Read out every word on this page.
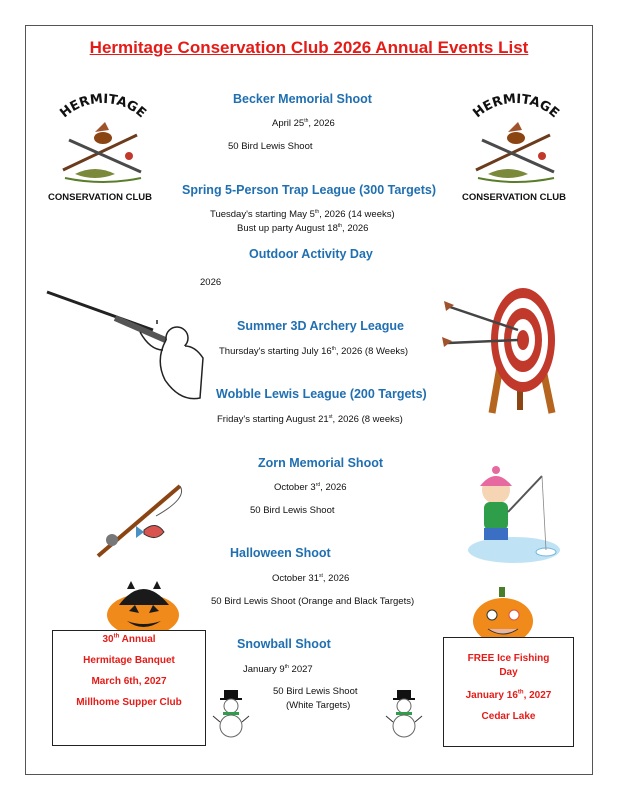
Hermitage Conservation Club 2026 Annual Events List
HERMITAGE
CONSERVATION CLUB
HERMITAGE
CONSERVATION CLUB
Becker Memorial Shoot
April 25th, 2026
50 Bird Lewis Shoot
Spring 5-Person Trap League (300 Targets)
Tuesday's starting May 5th, 2026 (14 weeks)
Bust up party August 18th, 2026
Outdoor Activity Day
2026
Summer 3D Archery League
Thursday's starting July 16th, 2026 (8 Weeks)
Wobble Lewis League (200 Targets)
Friday's starting August 21st, 2026 (8 weeks)
Zorn Memorial Shoot
October 3rd, 2026
50 Bird Lewis Shoot
Halloween Shoot
October 31st, 2026
50 Bird Lewis Shoot (Orange and Black Targets)
Snowball Shoot
January 9th 2027
50 Bird Lewis Shoot
(White Targets)
30th Annual
Hermitage Banquet
March 6th, 2027
Millhome Supper Club
FREE Ice Fishing
Day
January 16th, 2027
Cedar Lake
